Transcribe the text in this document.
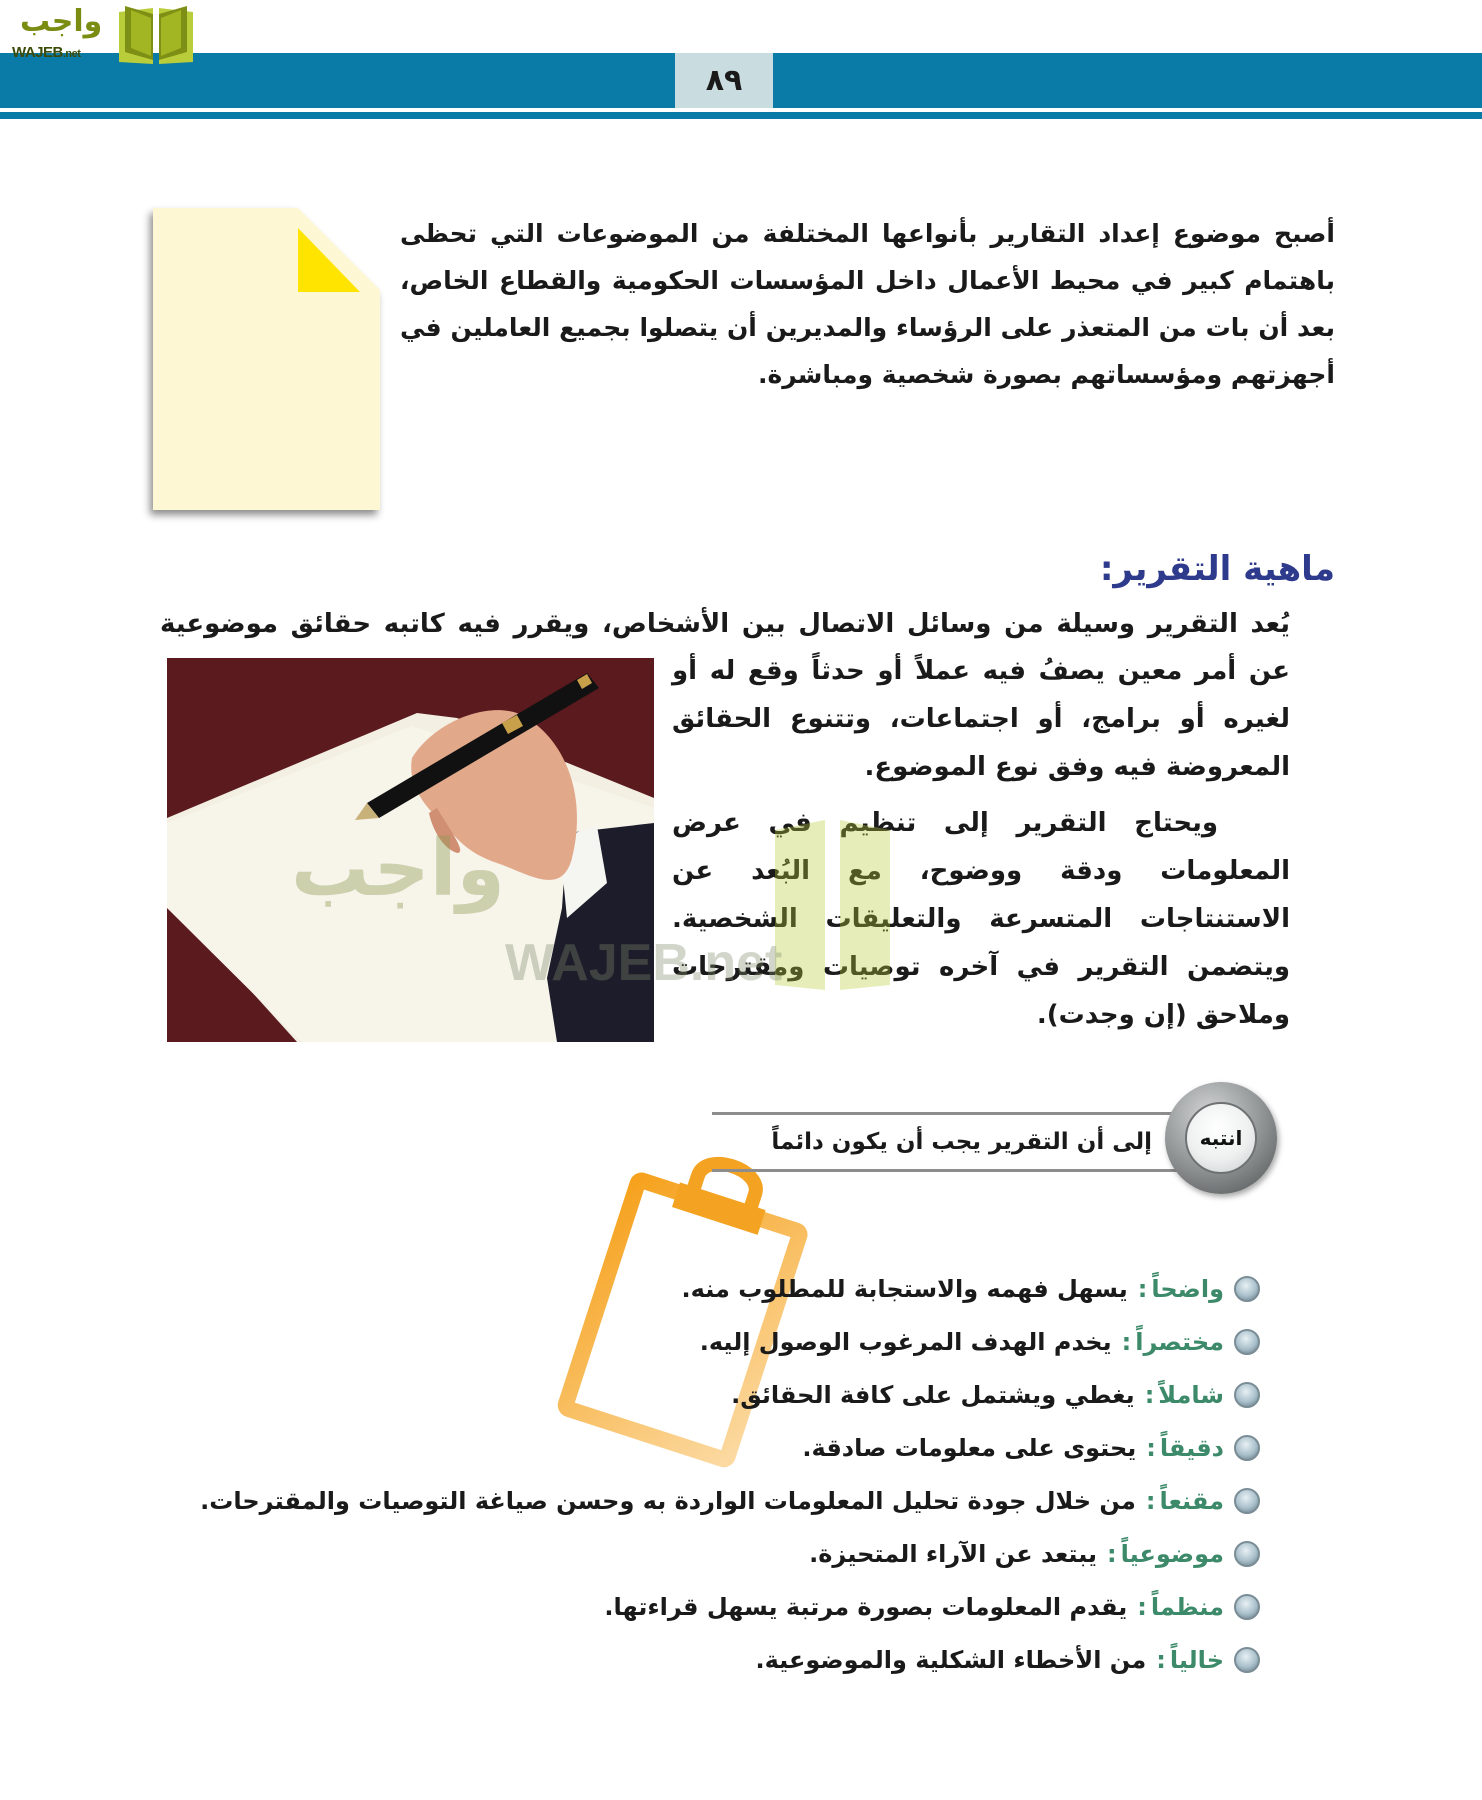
٨٩
واجب
WAJEB.net
أصبح موضوع إعداد التقارير بأنواعها المختلفة من الموضوعات التي تحظى باهتمام كبير في محيط الأعمال داخل المؤسسات الحكومية والقطاع الخاص، بعد أن بات من المتعذر على الرؤساء والمديرين أن يتصلوا بجميع العاملين في أجهزتهم ومؤسساتهم بصورة شخصية ومباشرة.
ماهية التقرير:
يُعد التقرير وسيلة من وسائل الاتصال بين الأشخاص، ويقرر فيه كاتبه حقائق موضوعية

عن أمر معين يصفُ فيه عملاً أو حدثاً وقع له أو لغيره أو برامج، أو اجتماعات، وتتنوع الحقائق المعروضة فيه وفق نوع الموضوع.

ويحتاج التقرير إلى تنظيم في عرض المعلومات ودقة ووضوح، مع البُعد عن الاستنتاجات المتسرعة والتعليقات الشخصية. ويتضمن التقرير في آخره توصيات ومقترحات وملاحق (إن وجدت).

واجب
WAJEB.net
إلى أن التقرير يجب أن يكون دائماً	انتبه
واضحاً
:
يسهل فهمه والاستجابة للمطلوب منه.
مختصراً
:
يخدم الهدف المرغوب الوصول إليه.
شاملاً
:
يغطي ويشتمل على كافة الحقائق.
دقيقاً
:
يحتوى على معلومات صادقة.
مقنعاً
:
من خلال جودة تحليل المعلومات الواردة به وحسن صياغة التوصيات والمقترحات.
موضوعياً
:
يبتعد عن الآراء المتحيزة.
منظماً
:
يقدم المعلومات بصورة مرتبة يسهل قراءتها.
خالياً
:
من الأخطاء الشكلية والموضوعية.
